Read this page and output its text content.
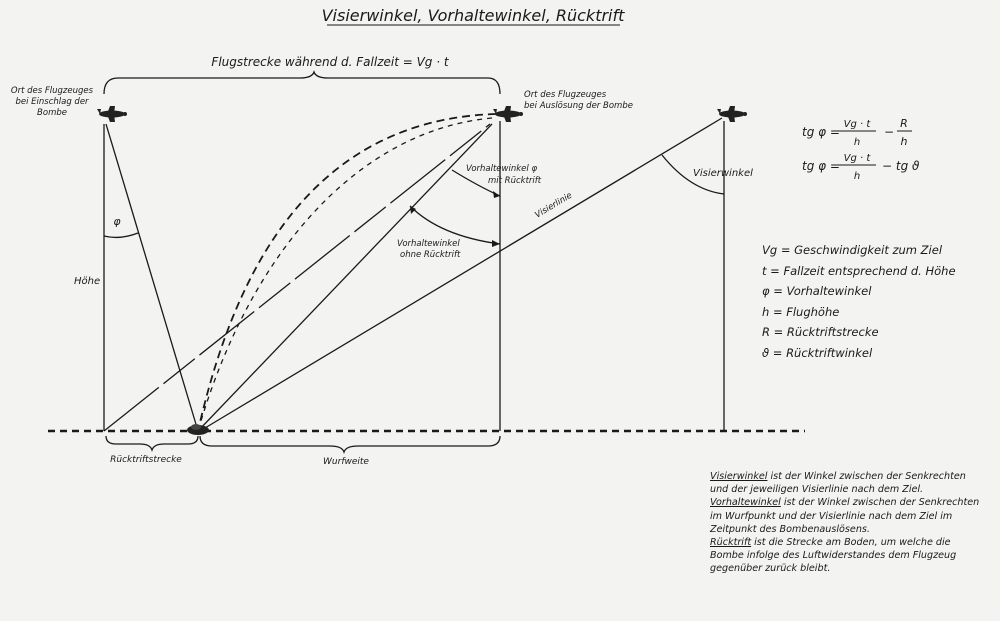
Visierwinkel, Vorhaltewinkel, Rücktrift
Flugstrecke während d. Fallzeit = Vg · t
φ
Rücktriftstrecke	Wurfweite
Ort des Flugzeuges
bei Einschlag der
Bombe
Ort des Flugzeuges
bei Auslösung der Bombe
Höhe
Vorhaltewinkel φ
mit Rücktrift
Vorhaltewinkel
ohne Rücktrift
Visierlinie
Visierwinkel
tg φ =
Vg · t
h
−
R
h
tg φ =
Vg · t
h
− tg ϑ
Vg = Geschwindigkeit zum Ziel
t = Fallzeit entsprechend d. Höhe
φ = Vorhaltewinkel
h = Flughöhe
R = Rücktriftstrecke
ϑ = Rücktriftwinkel
Visierwinkel ist der Winkel zwischen der Senkrechten
und der jeweiligen Visierlinie nach dem Ziel.
Vorhaltewinkel ist der Winkel zwischen der Senkrechten
im Wurfpunkt und der Visierlinie nach dem Ziel im
Zeitpunkt des Bombenauslösens.
Rücktrift ist die Strecke am Boden, um welche die
Bombe infolge des Luftwiderstandes dem Flugzeug
gegenüber zurück bleibt.
